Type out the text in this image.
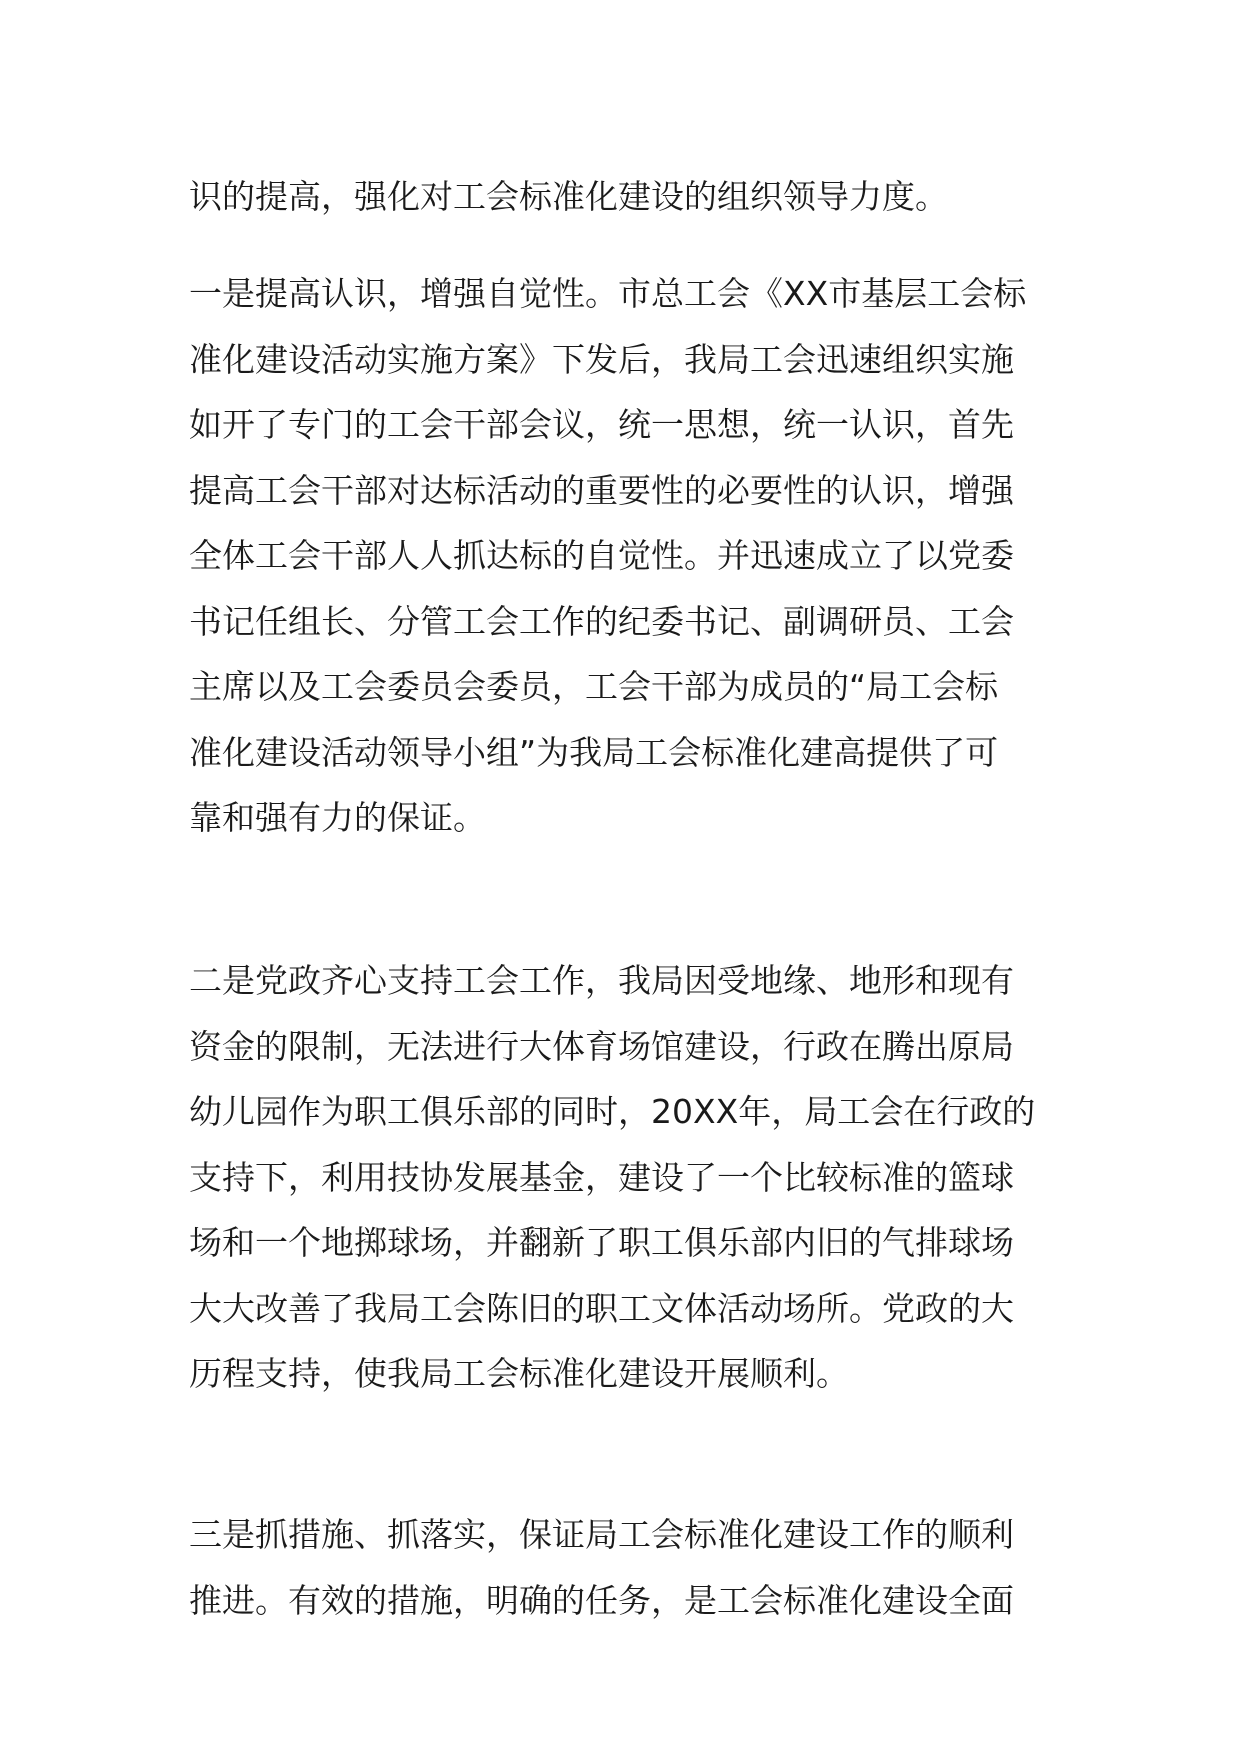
识的提高，强化对工会标准化建设的组织领导力度。
一是提高认识，增强自觉性。市总工会《XX市基层工会标
准化建设活动实施方案》下发后，我局工会迅速组织实施
如开了专门的工会干部会议，统一思想，统一认识，首先
提高工会干部对达标活动的重要性的必要性的认识，增强
全体工会干部人人抓达标的自觉性。并迅速成立了以党委
书记任组长、分管工会工作的纪委书记、副调研员、工会
主席以及工会委员会委员，工会干部为成员的“局工会标
准化建设活动领导小组”为我局工会标准化建高提供了可
靠和强有力的保证。
二是党政齐心支持工会工作，我局因受地缘、地形和现有
资金的限制，无法进行大体育场馆建设，行政在腾出原局
幼儿园作为职工俱乐部的同时，20XX年，局工会在行政的
支持下，利用技协发展基金，建设了一个比较标准的篮球
场和一个地掷球场，并翻新了职工俱乐部内旧的气排球场
大大改善了我局工会陈旧的职工文体活动场所。党政的大
历程支持，使我局工会标准化建设开展顺利。
三是抓措施、抓落实，保证局工会标准化建设工作的顺利
推进。有效的措施，明确的任务，是工会标准化建设全面
